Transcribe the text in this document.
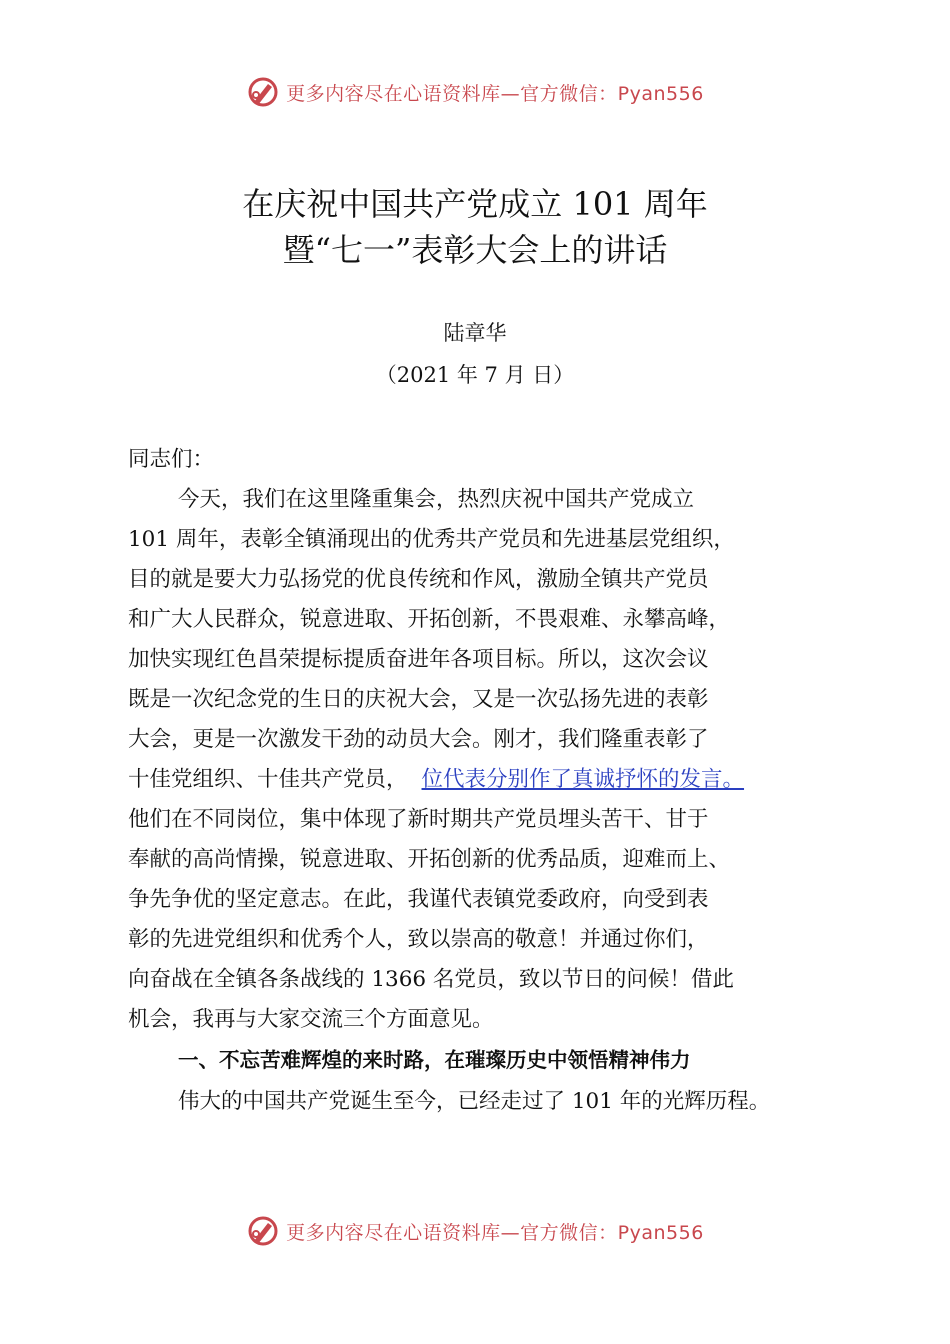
更多内容尽在心语资料库—官方微信：Pyan556
在庆祝中国共产党成立 101 周年
暨“七一”表彰大会上的讲话
陆章华
（2021 年 7 月 日）
同志们：
今天，我们在这里隆重集会，热烈庆祝中国共产党成立
101 周年，表彰全镇涌现出的优秀共产党员和先进基层党组织，
目的就是要大力弘扬党的优良传统和作风，激励全镇共产党员
和广大人民群众，锐意进取、开拓创新，不畏艰难、永攀高峰，
加快实现红色昌荣提标提质奋进年各项目标。所以，这次会议
既是一次纪念党的生日的庆祝大会，又是一次弘扬先进的表彰
大会，更是一次激发干劲的动员大会。刚才，我们隆重表彰了
十佳党组织、十佳共产党员， 位代表分别作了真诚抒怀的发言。
他们在不同岗位，集中体现了新时期共产党员埋头苦干、甘于
奉献的高尚情操，锐意进取、开拓创新的优秀品质，迎难而上、
争先争优的坚定意志。在此，我谨代表镇党委政府，向受到表
彰的先进党组织和优秀个人，致以崇高的敬意！并通过你们，
向奋战在全镇各条战线的 1366 名党员，致以节日的问候！借此
机会，我再与大家交流三个方面意见。
一、不忘苦难辉煌的来时路，在璀璨历史中领悟精神伟力
伟大的中国共产党诞生至今，已经走过了 101 年的光辉历程。
更多内容尽在心语资料库—官方微信：Pyan556
